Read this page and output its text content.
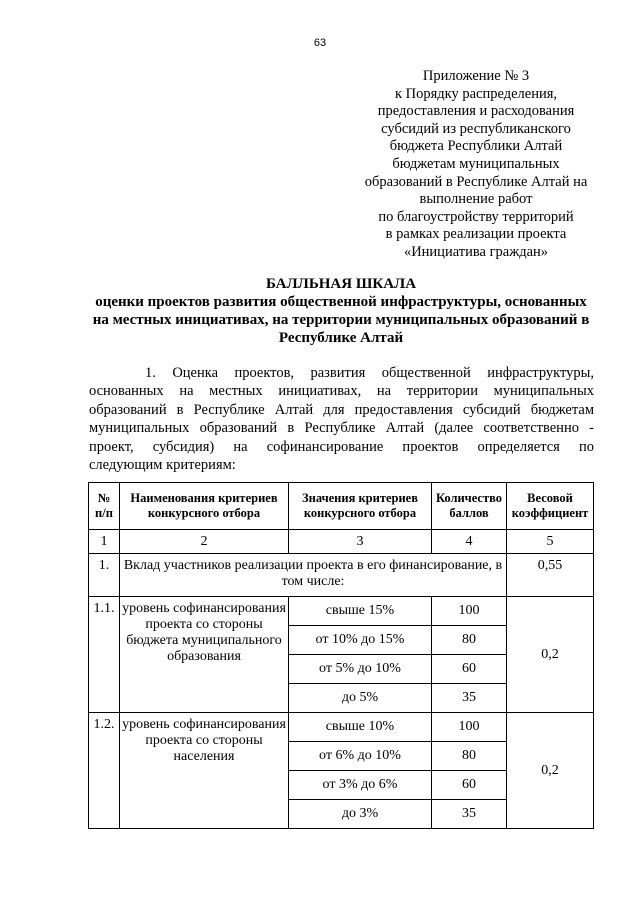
63
Приложение № 3
к Порядку распределения,
предоставления и расходования
субсидий из республиканского
бюджета Республики Алтай
бюджетам муниципальных
образований в Республике Алтай на
выполнение работ
по благоустройству территорий
в рамках реализации проекта
«Инициатива граждан»
БАЛЛЬНАЯ ШКАЛА
оценки проектов развития общественной инфраструктуры, основанных
на местных инициативах, на территории муниципальных образований в
Республике Алтай
1. Оценка проектов, развития общественной инфраструктуры,
основанных на местных инициативах, на территории муниципальных
образований в Республике Алтай для предоставления субсидий бюджетам
муниципальных образований в Республике Алтай (далее соответственно -
проект, субсидия) на софинансирование проектов определяется по
следующим критериям:
№ п/п	Наименования критериев конкурсного отбора	Значения критериев конкурсного отбора	Количество баллов	Весовой коэффициент
1	2	3	4	5
1.	Вклад участников реализации проекта в его финансирование, в том числе:			0,55
1.1.	уровень софинансирования проекта со стороны бюджета муниципального образования	свыше 15%	100	0,2
		от 10% до 15%	80	
		от 5% до 10%	60	
		до 5%	35	
1.2.	уровень софинансирования проекта со стороны населения	свыше 10%	100	0,2
		от 6% до 10%	80	
		от 3% до 6%	60	
		до 3%	35	
